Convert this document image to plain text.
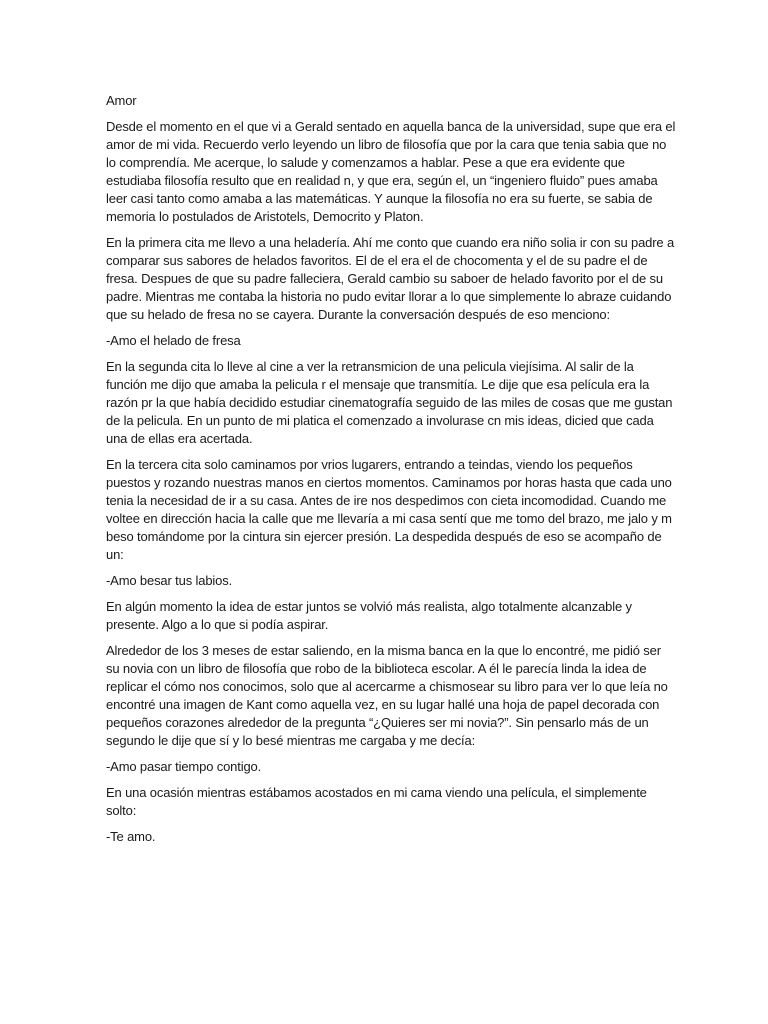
Amor

Desde el momento en el que vi a Gerald sentado en aquella banca de la universidad, supe que era el amor de mi vida. Recuerdo verlo leyendo un libro de filosofía que por la cara que tenia sabia que no lo comprendía. Me acerque, lo salude y comenzamos a hablar. Pese a que era evidente que estudiaba filosofía resulto que en realidad n, y que era, según el, un “ingeniero fluido” pues amaba leer casi tanto como amaba a las matemáticas. Y aunque la filosofía no era su fuerte, se sabia de memoria lo postulados de Aristotels, Democrito y Platon.

En la primera cita me llevo a una heladería. Ahí me conto que cuando era niño solia ir con su padre a comparar sus sabores de helados favoritos. El de el era el de chocomenta y el de su padre el de fresa. Despues de que su padre falleciera, Gerald cambio su saboer de helado favorito por el de su padre. Mientras me contaba la historia no pudo evitar llorar a lo que simplemente lo abraze cuidando que su helado de fresa no se cayera. Durante la conversación después de eso menciono:

-Amo el helado de fresa

En la segunda cita lo lleve al cine a ver la retransmicion de una pelicula viejísima. Al salir de la función me dijo que amaba la pelicula r el mensaje que transmitía. Le dije que esa película era la razón pr la que había decidido estudiar cinematografía seguido de las miles de cosas que me gustan de la pelicula. En un punto de mi platica el comenzado a involurase cn mis ideas, dicied que cada una de ellas era acertada.

En la tercera cita solo caminamos por vrios lugarers, entrando a teindas, viendo los pequeños puestos y rozando nuestras manos en ciertos momentos. Caminamos por horas hasta que cada uno tenia la necesidad de ir a su casa. Antes de ire nos despedimos con cieta incomodidad. Cuando me voltee en dirección hacia la calle que me llevaría a mi casa sentí que me tomo del brazo, me jalo y m beso tomándome por la cintura sin ejercer presión. La despedida después de eso se acompaño de un:

-Amo besar tus labios.

En algún momento la idea de estar juntos se volvió más realista, algo totalmente alcanzable y presente. Algo a lo que si podía aspirar.

Alrededor de los 3 meses de estar saliendo, en la misma banca en la que lo encontré, me pidió ser su novia con un libro de filosofía que robo de la biblioteca escolar. A él le parecía linda la idea de replicar el cómo nos conocimos, solo que al acercarme a chismosear su libro para ver lo que leía no encontré una imagen de Kant como aquella vez, en su lugar hallé una hoja de papel decorada con pequeños corazones alrededor de la pregunta “¿Quieres ser mi novia?”. Sin pensarlo más de un segundo le dije que sí y lo besé mientras me cargaba y me decía:

-Amo pasar tiempo contigo.

En una ocasión mientras estábamos acostados en mi cama viendo una película, el simplemente solto:

-Te amo.
